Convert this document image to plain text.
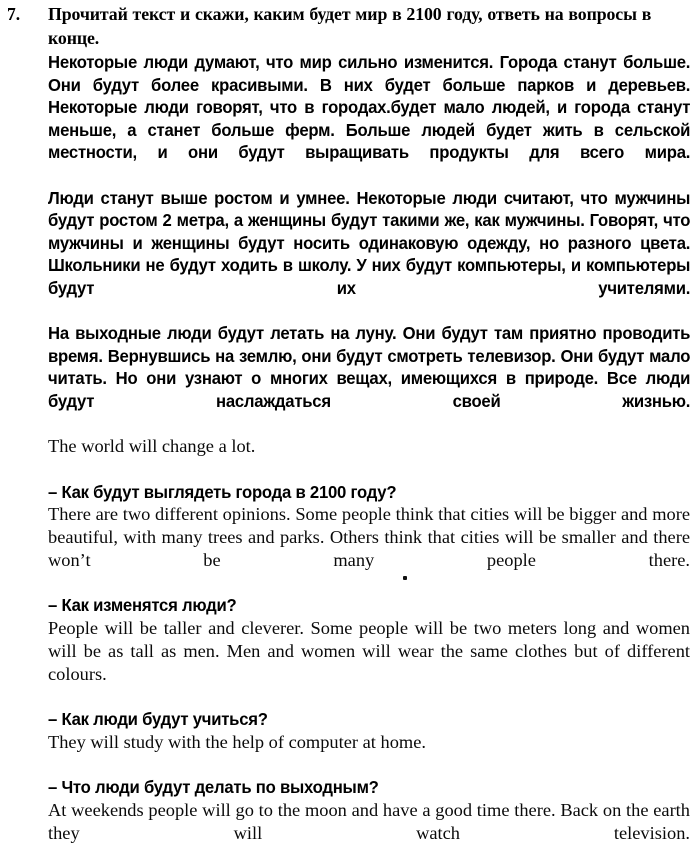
7. Прочитай текст и скажи, каким будет мир в 2100 году, ответь на вопросы в конце.

Некоторые люди думают, что мир сильно изменится. Города станут больше. Они будут более красивыми. В них будет больше парков и деревьев. Некоторые люди говорят, что в городах.будет мало людей, и города станут меньше, а станет больше ферм. Больше людей будет жить в сельской местности, и они будут выращивать продукты для всего мира.

Люди станут выше ростом и умнее. Некоторые люди считают, что мужчины будут ростом 2 метра, а женщины будут такими же, как мужчины. Говорят, что мужчины и женщины будут носить одинаковую одежду, но разного цвета. Школьники не будут ходить в школу. У них будут компьютеры, и компьютеры будут их учителями.

На выходные люди будут летать на луну. Они будут там приятно проводить время. Вернувшись на землю, они будут смотреть телевизор. Они будут мало читать. Но они узнают о многих вещах, имеющихся в природе. Все люди будут наслаждаться своей жизнью.

The world will change a lot.

– Как будут выглядеть города в 2100 году?

There are two different opinions. Some people think that cities will be bigger and more beautiful, with many trees and parks. Others think that cities will be smaller and there won’t be many people there.

– Как изменятся люди?

People will be taller and cleverer. Some people will be two meters long and women will be as tall as men. Men and women will wear the same clothes but of different colours.

– Как люди будут учиться?

They will study with the help of computer at home.

– Что люди будут делать по выходным?

At weekends people will go to the moon and have a good time there. Back on the earth they will watch television.
